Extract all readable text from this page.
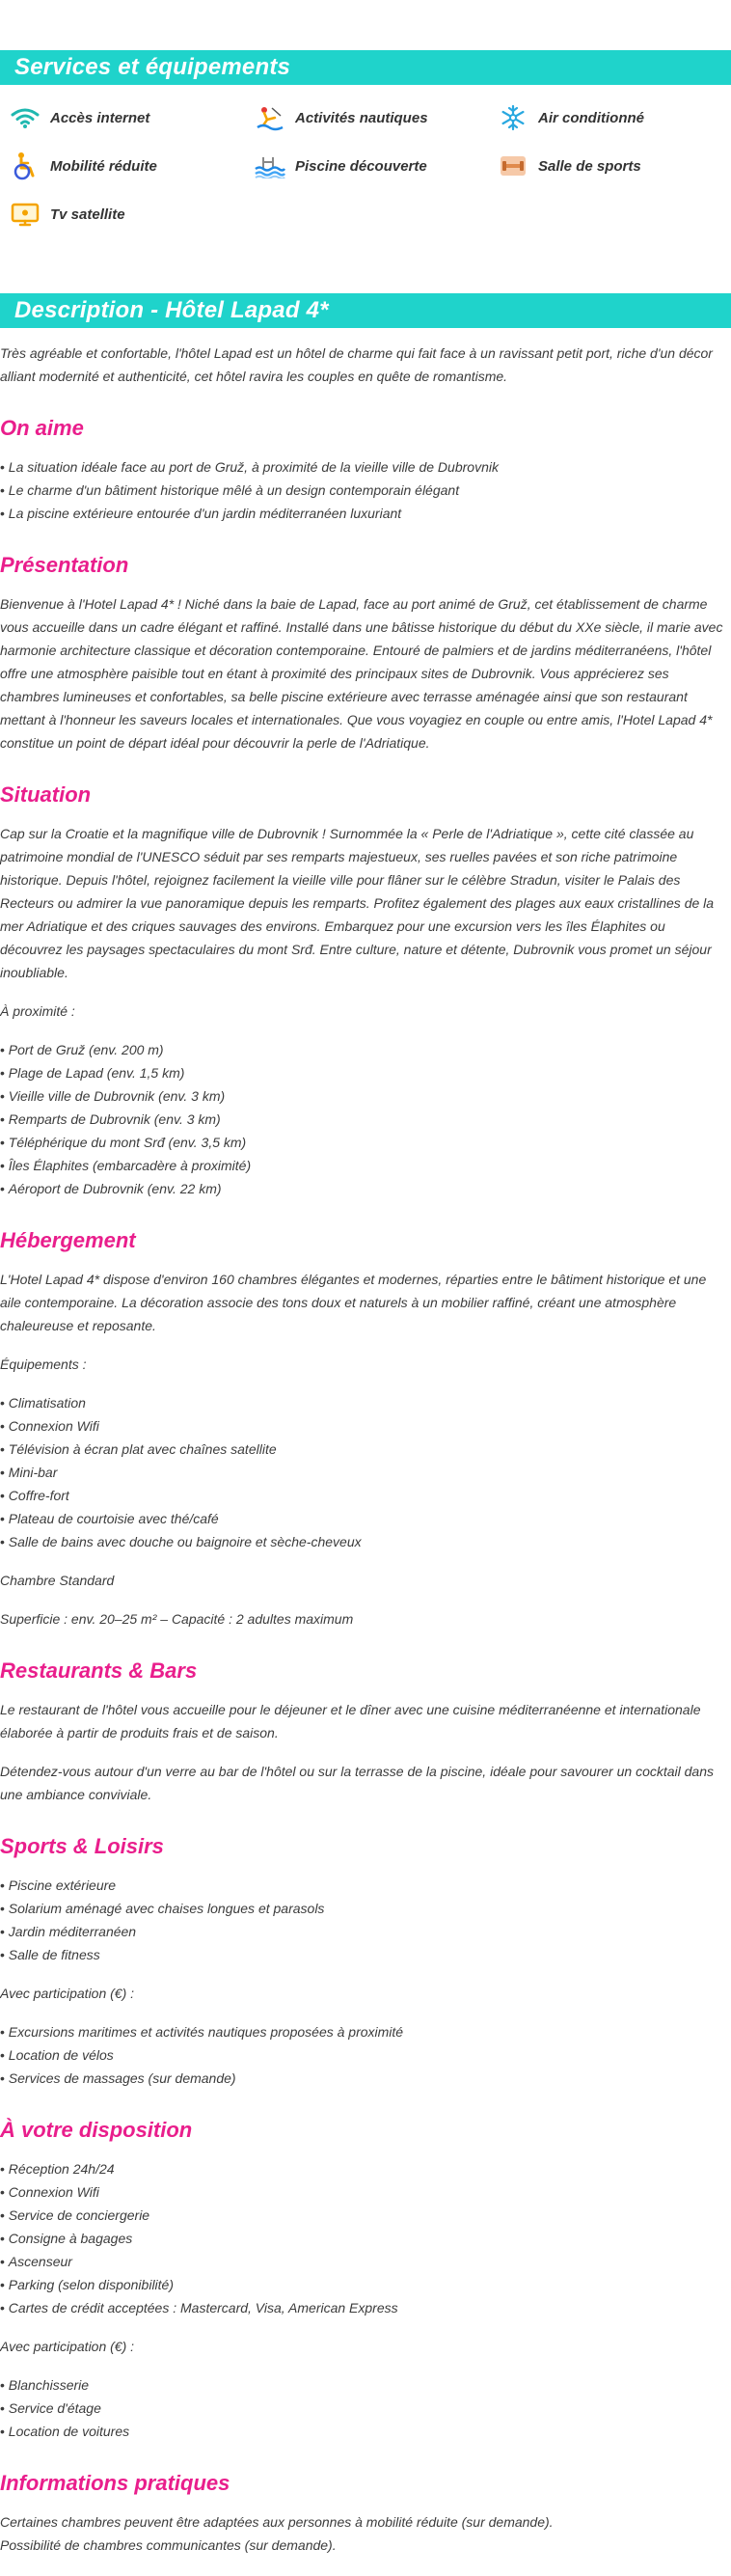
Services et équipements
Accès internet	Activités nautiques	Air conditionné
Mobilité réduite	Piscine découverte	Salle de sports
Tv satellite
Description - Hôtel Lapad 4*

Très agréable et confortable, l'hôtel Lapad est un hôtel de charme qui fait face à un ravissant petit port, riche d'un décor alliant modernité et authenticité, cet hôtel ravira les couples en quête de romantisme.

On aime
• La situation idéale face au port de Gruž, à proximité de la vieille ville de Dubrovnik
• Le charme d'un bâtiment historique mêlé à un design contemporain élégant
• La piscine extérieure entourée d'un jardin méditerranéen luxuriant
Présentation

Bienvenue à l'Hotel Lapad 4* ! Niché dans la baie de Lapad, face au port animé de Gruž, cet établissement de charme vous accueille dans un cadre élégant et raffiné. Installé dans une bâtisse historique du début du XXe siècle, il marie avec harmonie architecture classique et décoration contemporaine. Entouré de palmiers et de jardins méditerranéens, l'hôtel offre une atmosphère paisible tout en étant à proximité des principaux sites de Dubrovnik. Vous apprécierez ses chambres lumineuses et confortables, sa belle piscine extérieure avec terrasse aménagée ainsi que son restaurant mettant à l'honneur les saveurs locales et internationales. Que vous voyagiez en couple ou entre amis, l'Hotel Lapad 4* constitue un point de départ idéal pour découvrir la perle de l'Adriatique.

Situation

Cap sur la Croatie et la magnifique ville de Dubrovnik ! Surnommée la « Perle de l'Adriatique », cette cité classée au patrimoine mondial de l'UNESCO séduit par ses remparts majestueux, ses ruelles pavées et son riche patrimoine historique. Depuis l'hôtel, rejoignez facilement la vieille ville pour flâner sur le célèbre Stradun, visiter le Palais des Recteurs ou admirer la vue panoramique depuis les remparts. Profitez également des plages aux eaux cristallines de la mer Adriatique et des criques sauvages des environs. Embarquez pour une excursion vers les îles Élaphites ou découvrez les paysages spectaculaires du mont Srđ. Entre culture, nature et détente, Dubrovnik vous promet un séjour inoubliable.

À proximité :

• Port de Gruž (env. 200 m)
• Plage de Lapad (env. 1,5 km)
• Vieille ville de Dubrovnik (env. 3 km)
• Remparts de Dubrovnik (env. 3 km)
• Téléphérique du mont Srđ (env. 3,5 km)
• Îles Élaphites (embarcadère à proximité)
• Aéroport de Dubrovnik (env. 22 km)
Hébergement

L'Hotel Lapad 4* dispose d'environ 160 chambres élégantes et modernes, réparties entre le bâtiment historique et une aile contemporaine. La décoration associe des tons doux et naturels à un mobilier raffiné, créant une atmosphère chaleureuse et reposante.

Équipements :

• Climatisation
• Connexion Wifi
• Télévision à écran plat avec chaînes satellite
• Mini-bar
• Coffre-fort
• Plateau de courtoisie avec thé/café
• Salle de bains avec douche ou baignoire et sèche-cheveux

Chambre Standard

Superficie : env. 20–25 m² – Capacité : 2 adultes maximum

Restaurants & Bars

Le restaurant de l'hôtel vous accueille pour le déjeuner et le dîner avec une cuisine méditerranéenne et internationale élaborée à partir de produits frais et de saison.

Détendez-vous autour d'un verre au bar de l'hôtel ou sur la terrasse de la piscine, idéale pour savourer un cocktail dans une ambiance conviviale.

Sports & Loisirs
• Piscine extérieure
• Solarium aménagé avec chaises longues et parasols
• Jardin méditerranéen
• Salle de fitness

Avec participation (€) :

• Excursions maritimes et activités nautiques proposées à proximité
• Location de vélos
• Services de massages (sur demande)
À votre disposition
• Réception 24h/24
• Connexion Wifi
• Service de conciergerie
• Consigne à bagages
• Ascenseur
• Parking (selon disponibilité)
• Cartes de crédit acceptées : Mastercard, Visa, American Express

Avec participation (€) :

• Blanchisserie
• Service d'étage
• Location de voitures
Informations pratiques

Certaines chambres peuvent être adaptées aux personnes à mobilité réduite (sur demande).

Possibilité de chambres communicantes (sur demande).
